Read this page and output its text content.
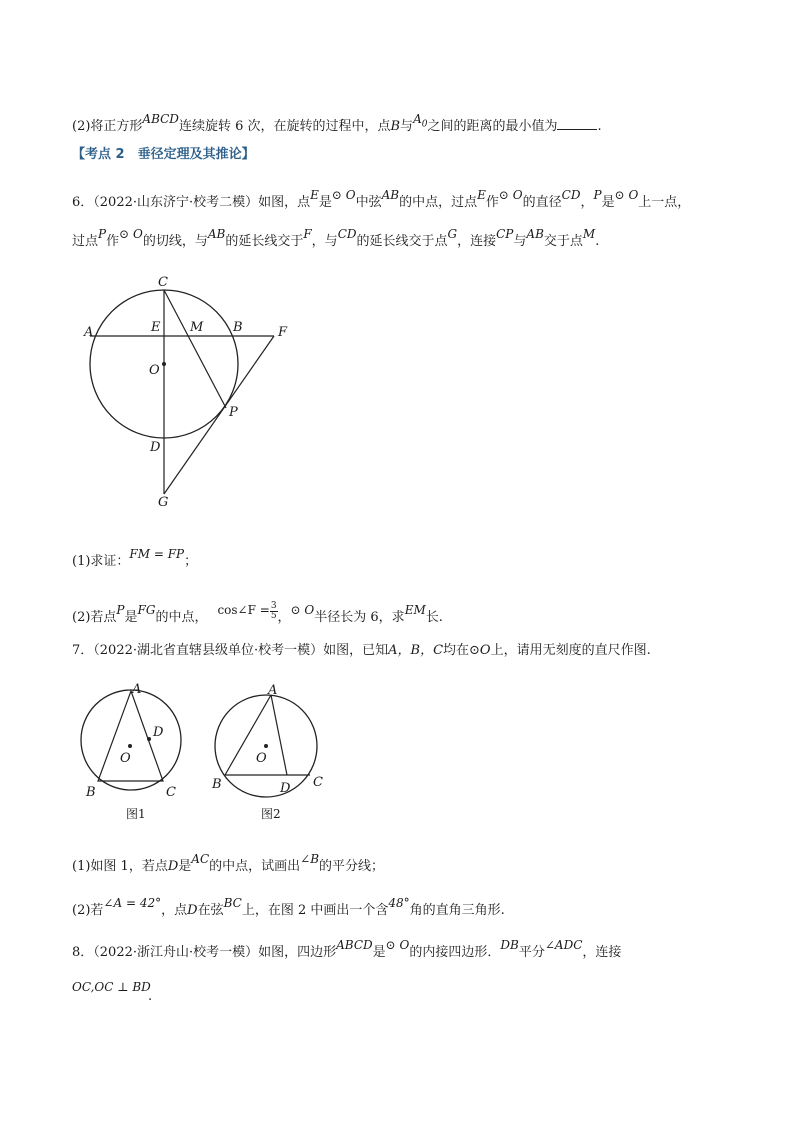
(2)将正方形ABCD连续旋转 6 次，在旋转的过程中，点B与$A_0$之间的距离的最小值为	.
【考点 2　垂径定理及其推论】
6．（2022·山东济宁·校考二模）如图，点E是⊙ O中弦AB的中点，过点E作⊙ O的直径CD，P是⊙ O上一点，
过点P作⊙ O的切线，与AB的延长线交于F，与CD的延长线交于点G，连接CP与AB交于点M.
C
A	E M B	F
O
P
D
G
(1)求证：FM = FP；
(2)若点P是FG的中点， cos∠F = $\frac{3}{5}$ ，⊙ O半径长为 6，求EM长.
7．（2022·湖北省直辖县级单位·校考一模）如图，已知A，B，C均在⊙O上，请用无刻度的直尺作图.
A
D
O
B	C
图1
A
O
B	D C
图2
(1)如图 1，若点D是AC的中点，试画出∠B的平分线；
(2)若∠A = 42°，点D在弦BC上，在图 2 中画出一个含48°角的直角三角形.
8．（2022·浙江舟山·校考一模）如图，四边形ABCD是⊙ O的内接四边形．DB平分∠ADC，连接
OC,OC ⊥ BD
.
